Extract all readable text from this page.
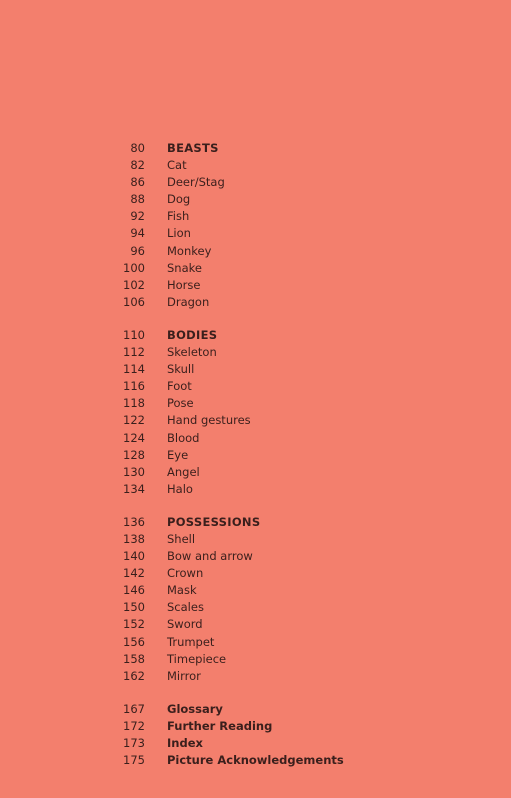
80 BEASTS
82 Cat
86 Deer/Stag
88 Dog
92 Fish
94 Lion
96 Monkey
100 Snake
102 Horse
106 Dragon
110 BODIES
112 Skeleton
114 Skull
116 Foot
118 Pose
122 Hand gestures
124 Blood
128 Eye
130 Angel
134 Halo
136 POSSESSIONS
138 Shell
140 Bow and arrow
142 Crown
146 Mask
150 Scales
152 Sword
156 Trumpet
158 Timepiece
162 Mirror
167 Glossary
172 Further Reading
173 Index
175 Picture Acknowledgements
